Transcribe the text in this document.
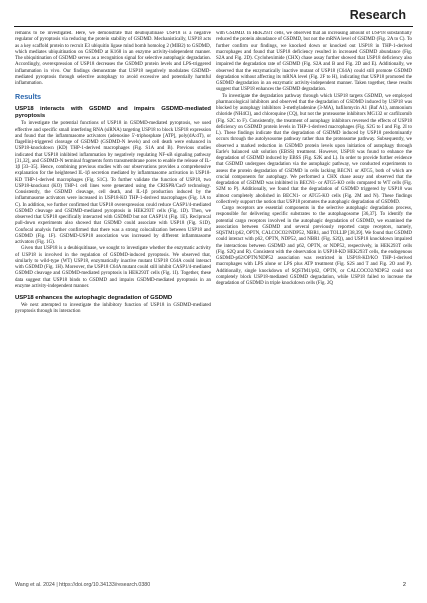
Research

remains to be investigated. Here, we demonstrate that deubiquitinase USP18 is a negative regulator of pyroptosis via reducing the protein stability of GSDMD. Mechanistically, USP18 acts as a key scaffold protein to recruit E3 ubiquitin ligase mind bomb homolog 2 (MIB2) to GSDMD, which mediates ubiquitination on GSDMD at K168 in an enzyme activity-independent manner. The ubiquitination of GSDMD serves as a recognition signal for selective autophagic degradation. Accordingly, overexpression of USP18 decreases the GSDMD protein levels and LPS-triggered inflammation in vivo. Our findings demonstrate that USP18 negatively modulates GSDMD-mediated pyroptosis through selective autophagy to avoid excessive and potentially harmful inflammation.

Results
USP18 interacts with GSDMD and impairs GSDMD-mediated pyroptosis

To investigate the potential functions of USP18 in GSDMD-mediated pyroptosis, we used effective and specific small interfering RNA (siRNA) targeting USP18 to block USP18 expression and found that the inflammasome activators (adenosine 5'-triphosphate [ATP], poly(dA:dT), or flagellin)-triggered cleavage of GSDMD (GSDMD-N levels) and cell death were enhanced in USP18-knockdown (KD) THP-1-derived macrophages (Fig. S1A and B). Previous studies indicated that USP18 inhibited inflammation by negatively regulating NF-κB signaling pathway [31,32], and GSDMD-N terminal fragments form transmembrane pores to enable the release of IL-1β [33–35]. Hence, combining previous studies with our observations provides a comprehensive explanation for the heightened IL-1β secretion mediated by inflammasome activation in USP18-KD THP-1-derived macrophages (Fig. S1C). To further validate the function of USP18, two USP18-knockout (KO) THP-1 cell lines were generated using the CRISPR/Cas9 technology. Consistently, the GSDMD cleavage, cell death, and IL-1β production induced by the inflammasome activators were increased in USP18-KO THP-1-derived macrophages (Fig. 1A to C). In addition, we further confirmed that USP18 overexpression could reduce CASP1/4-mediated GSDMD cleavage and GSDMD-mediated pyroptosis in HEK293T cells (Fig. 1D). Then, we observed that USP18 specifically interacted with GSDMD but not CASP1/4 (Fig. 1E). Reciprocal pull-down experiments also showed that GSDMD could associate with USP18 (Fig. S1D). Confocal analysis further confirmed that there was a strong colocalization between USP18 and GSDMD (Fig. 1F). GSDMD-USP18 association was increased by different inflammasome activators (Fig. 1G).

Given that USP18 is a deubiquitinase, we sought to investigate whether the enzymatic activity of USP18 is involved in the regulation of GSDMD-induced pyroptosis. We observed that, similarly to wild-type (WT) USP18, enzymatically inactive mutant USP18 C64A could interact with GSDMD (Fig. 1H). Moreover, the USP18 C64A mutant could still inhibit CASP1/4-mediated GSDMD cleavage and GSDMD-mediated pyroptosis in HEK293T cells (Fig. 1I). Together, these data suggest that USP18 binds to GSDMD and impairs GSDMD-mediated pyroptosis in an enzyme activity-independent manner.

USP18 enhances the autophagic degradation of GSDMD

We next attempted to investigate the inhibitory function of USP18 in GSDMD-mediated pyroptosis through its interaction

with GSDMD. In HEK293T cells, we observed that an increasing amount of USP18 substantially reduced the protein abundance of GSDMD, but not the mRNA level of GSDMD (Fig. 2A to C). To further confirm our findings, we knocked down or knocked out USP18 in THP-1-derived macrophages and found that USP18 deficiency resulted in increased GSDMD abundance (Fig. S2A and Fig. 2D). Cycloheximide (CHX) chase assay further showed that USP18 deficiency also impaired the degradation rate of GSDMD (Fig. S2A and B and Fig. 2D and E). Additionally, we observed that the enzymatically inactive mutant of USP18 (C64A) could still promote GSDMD degradation without affecting its mRNA level (Fig. 2F to H), indicating that USP18 promoted the GSDMD degradation in an enzymatic activity-independent manner. Taken together, these results suggest that USP18 enhances the GSDMD degradation.

To investigate the degradation pathway through which USP18 targets GSDMD, we employed pharmacological inhibitors and observed that the degradation of GSDMD induced by USP18 was blocked by autophagy inhibitors 3-methyladenine (3-MA), bafilomycin A1 (Baf A1), ammonium chloride (NH4Cl), and chloroquine (CQ), but not the proteasome inhibitors MG132 or carfilzomib (Fig. S2C to F). Consistently, the treatment of autophagy inhibitors reversed the effects of USP18 deficiency on GSDMD protein levels in THP-1-derived macrophages (Fig. S2G to I and Fig. 2I to L). These findings indicate that the degradation of GSDMD induced by USP18 predominantly occurs through the autolysosome pathway rather than the proteasome pathway. Subsequently, we observed a marked reduction in GSDMD protein levels upon initiation of autophagy through Earle's balanced salt solution (EBSS) treatment. However, USP18 was found to enhance the degradation of GSDMD induced by EBSS (Fig. S2K and L). In order to provide further evidence that GSDMD undergoes degradation via the autophagic pathway, we conducted experiments to assess the protein degradation of GSDMD in cells lacking BECN1 or ATG5, both of which are crucial components for autophagy. We performed a CHX chase assay and observed that the degradation of GSDMD was inhibited in BECN1- or ATG5-KO cells compared to WT cells (Fig. S2M to P). Additionally, we found that the degradation of GSDMD triggered by USP18 was almost completely abolished in BECN1- or ATG5-KO cells (Fig. 2M and N). These findings collectively support the notion that USP18 promotes the autophagic degradation of GSDMD.

Cargo receptors are essential components in the selective autophagic degradation process, responsible for delivering specific substrates to the autophagosome [36,37]. To identify the potential cargo receptors involved in the autophagic degradation of GSDMD, we examined the association between GSDMD and several previously reported cargo receptors, namely, SQSTM1/p62, OPTN, CALCOCO2/NDP52, NBR1, and TOLLIP [38,39]. We found that GSDMD could interact with p62, OPTN, NDP52, and NBR1 (Fig. S2Q), and USP18 knockdown impaired the interactions between GSDMD and p62, OPTN, or NDP52, respectively, in HEK293T cells (Fig. S2Q and R). Consistent with the observation in USP18-KD HEK293T cells, the endogenous GSDMD-p62/OPTN/NDP52 association was restricted in USP18-KD/KO THP-1-derived macrophages with LPS alone or LPS plus ATP treatment (Fig. S2S and T and Fig. 2O and P). Additionally, single knockdown of SQSTM1/p62, OPTN, or CALCOCO2/NDP52 could not completely block USP18-mediated GSDMD degradation, while USP18 failed to increase the degradation of GSDMD in triple knockdown cells (Fig. 2Q

Wang et al. 2024 | https://doi.org/10.34133/research.0380	2
